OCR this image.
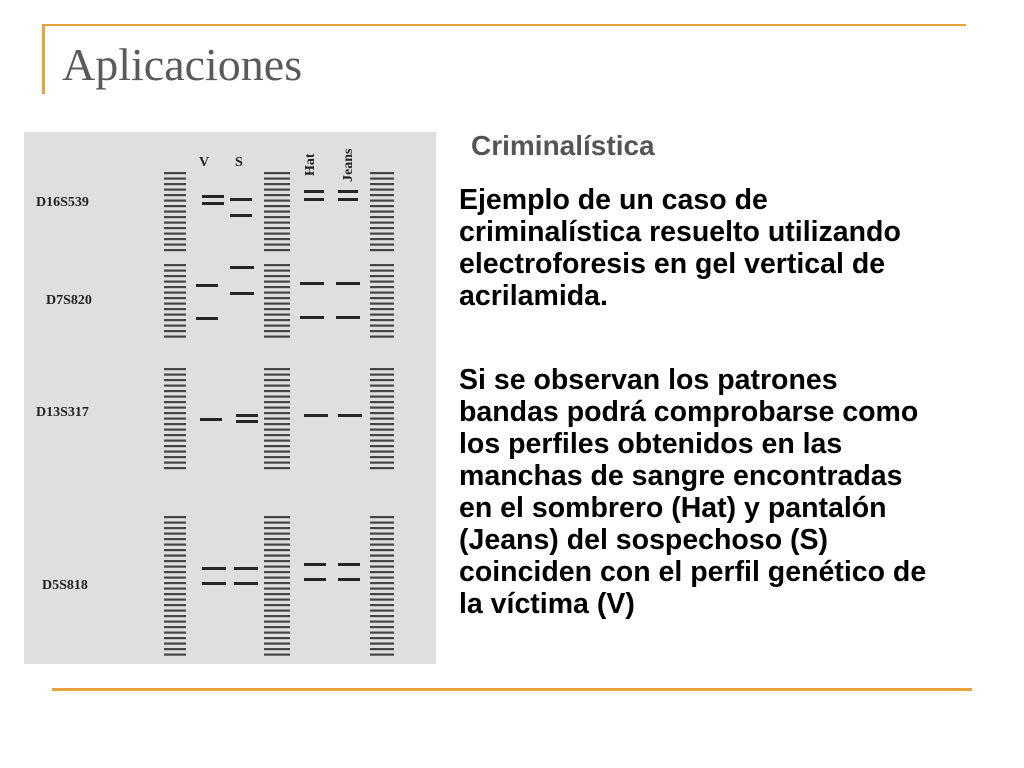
Aplicaciones
V S	Hat Jeans
D16S539
D7S820
D13S317
D5S818
Criminalística

Ejemplo de un caso de criminalística resuelto utilizando electroforesis en gel vertical de acrilamida.

Si se observan los patrones bandas podrá comprobarse como los perfiles obtenidos en las manchas de sangre encontradas en el sombrero (Hat) y pantalón (Jeans) del sospechoso (S) coinciden con el perfil genético de la víctima (V)
